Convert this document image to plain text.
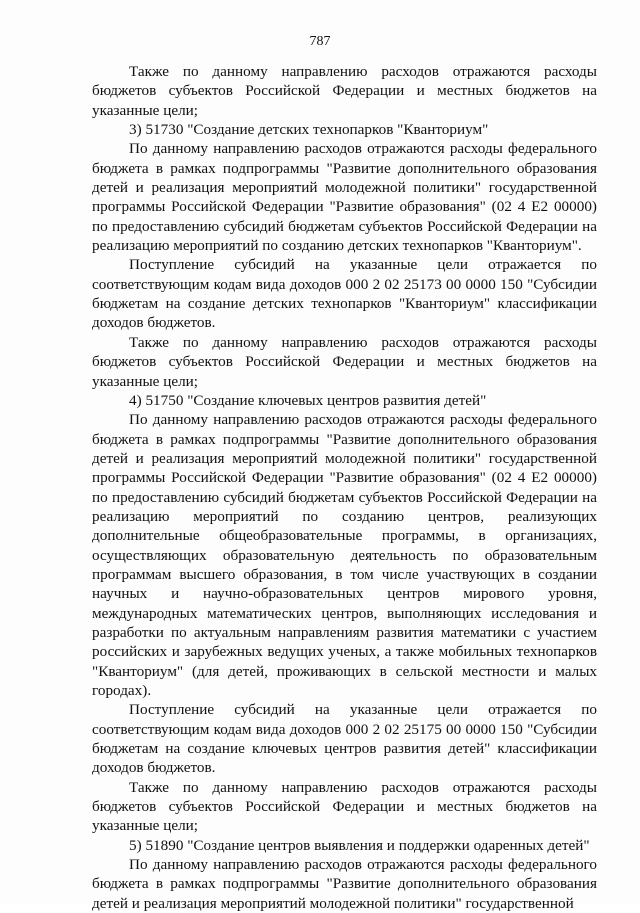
787

Также по данному направлению расходов отражаются расходы бюджетов субъектов Российской Федерации и местных бюджетов на указанные цели;

3) 51730 "Создание детских технопарков "Кванториум"

По данному направлению расходов отражаются расходы федерального бюджета в рамках подпрограммы "Развитие дополнительного образования детей и реализация мероприятий молодежной политики" государственной программы Российской Федерации "Развитие образования" (02 4 Е2 00000) по предоставлению субсидий бюджетам субъектов Российской Федерации на реализацию мероприятий по созданию детских технопарков "Кванториум".

Поступление субсидий на указанные цели отражается по соответствующим кодам вида доходов 000 2 02 25173 00 0000 150 "Субсидии бюджетам на создание детских технопарков "Кванториум" классификации доходов бюджетов.

Также по данному направлению расходов отражаются расходы бюджетов субъектов Российской Федерации и местных бюджетов на указанные цели;

4) 51750 "Создание ключевых центров развития детей"

По данному направлению расходов отражаются расходы федерального бюджета в рамках подпрограммы "Развитие дополнительного образования детей и реализация мероприятий молодежной политики" государственной программы Российской Федерации "Развитие образования" (02 4 Е2 00000) по предоставлению субсидий бюджетам субъектов Российской Федерации на реализацию мероприятий по созданию центров, реализующих дополнительные общеобразовательные программы, в организациях, осуществляющих образовательную деятельность по образовательным программам высшего образования, в том числе участвующих в создании научных и научно-образовательных центров мирового уровня, международных математических центров, выполняющих исследования и разработки по актуальным направлениям развития математики с участием российских и зарубежных ведущих ученых, а также мобильных технопарков "Кванториум" (для детей, проживающих в сельской местности и малых городах).

Поступление субсидий на указанные цели отражается по соответствующим кодам вида доходов 000 2 02 25175 00 0000 150 "Субсидии бюджетам на создание ключевых центров развития детей" классификации доходов бюджетов.

Также по данному направлению расходов отражаются расходы бюджетов субъектов Российской Федерации и местных бюджетов на указанные цели;

5) 51890 "Создание центров выявления и поддержки одаренных детей"

По данному направлению расходов отражаются расходы федерального бюджета в рамках подпрограммы "Развитие дополнительного образования детей и реализация мероприятий молодежной политики" государственной
